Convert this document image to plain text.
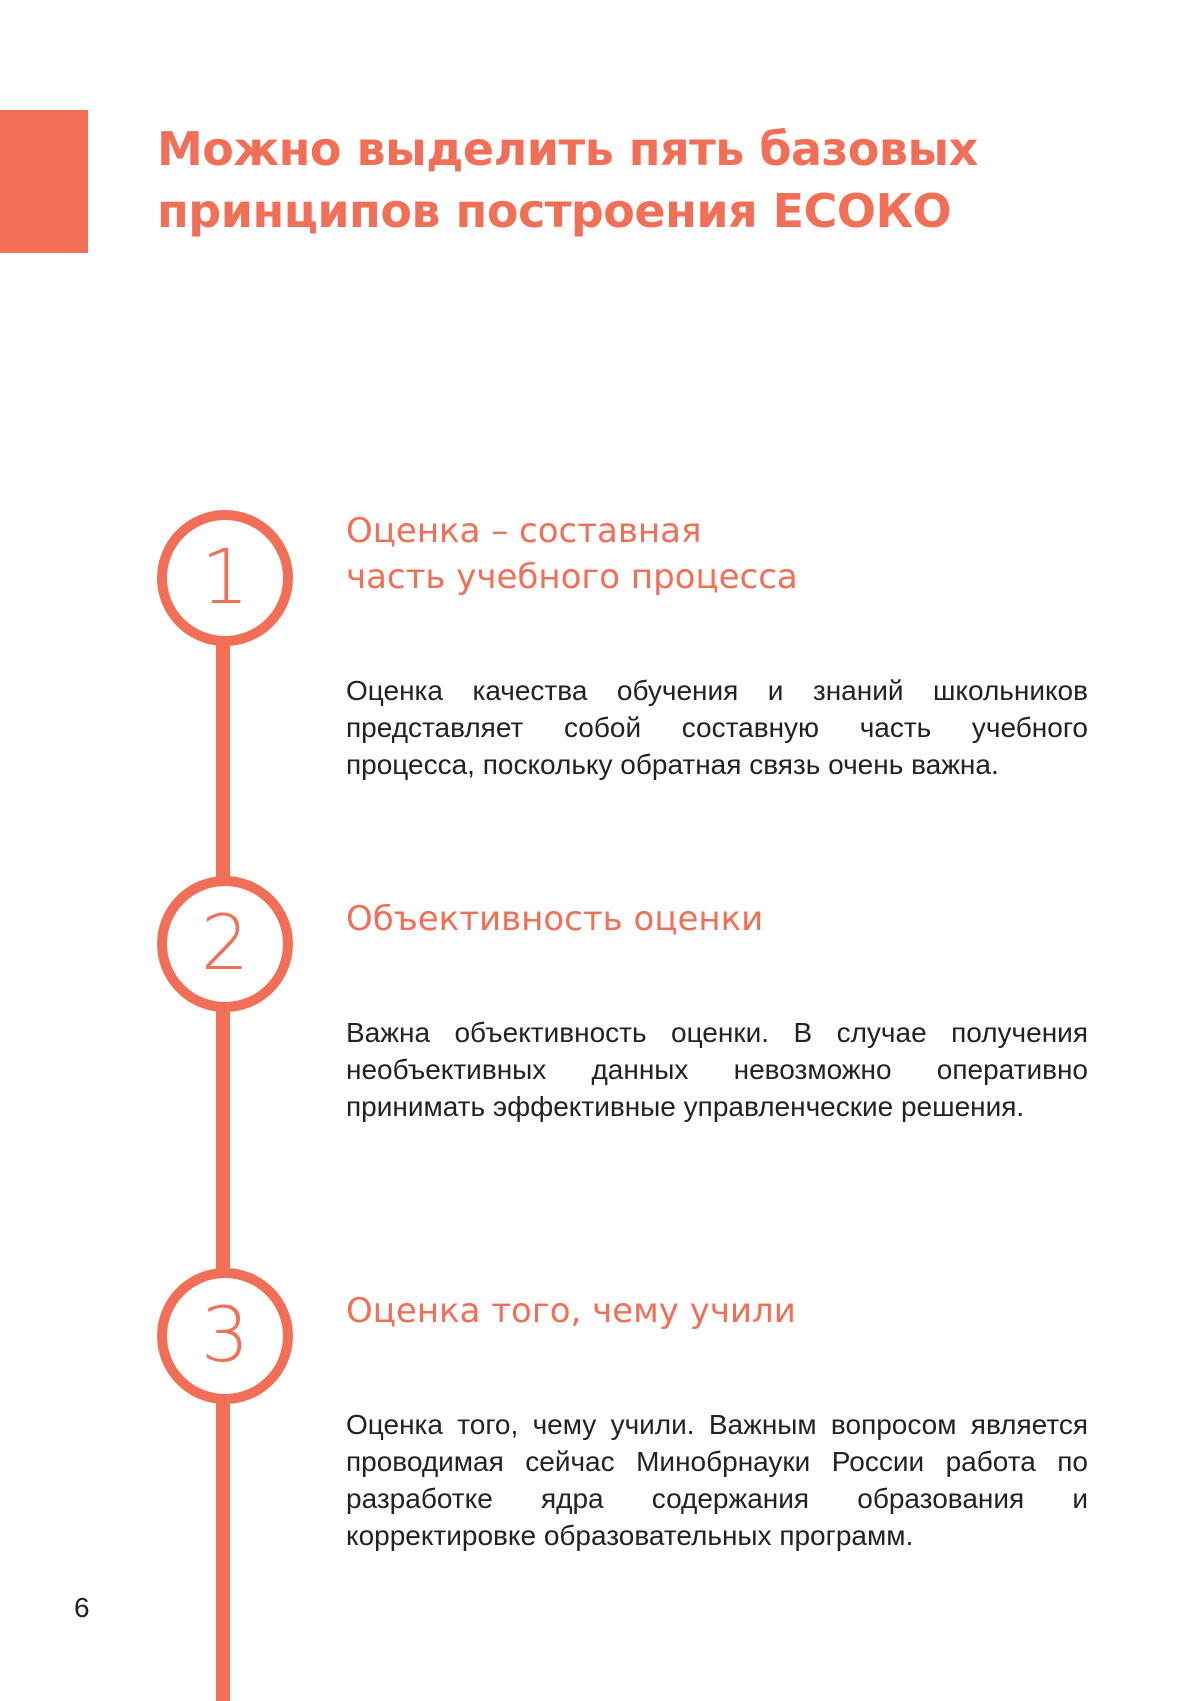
Можно выделить пять базовых принципов построения ЕСОКО
1
Оценка – составная часть учебного процесса

Оценка качества обучения и знаний школьников представляет собой составную часть учебного процесса, поскольку обратная связь очень важна.

2	Объективность оценки

Важна объективность оценки. В случае получения необъективных данных невозможно оперативно принимать эффективные управленческие решения.

3	Оценка того, чему учили

Оценка того, чему учили. Важным вопросом является проводимая сейчас Минобрнауки России работа по разработке ядра содержания образования и корректировке образовательных программ.

6
